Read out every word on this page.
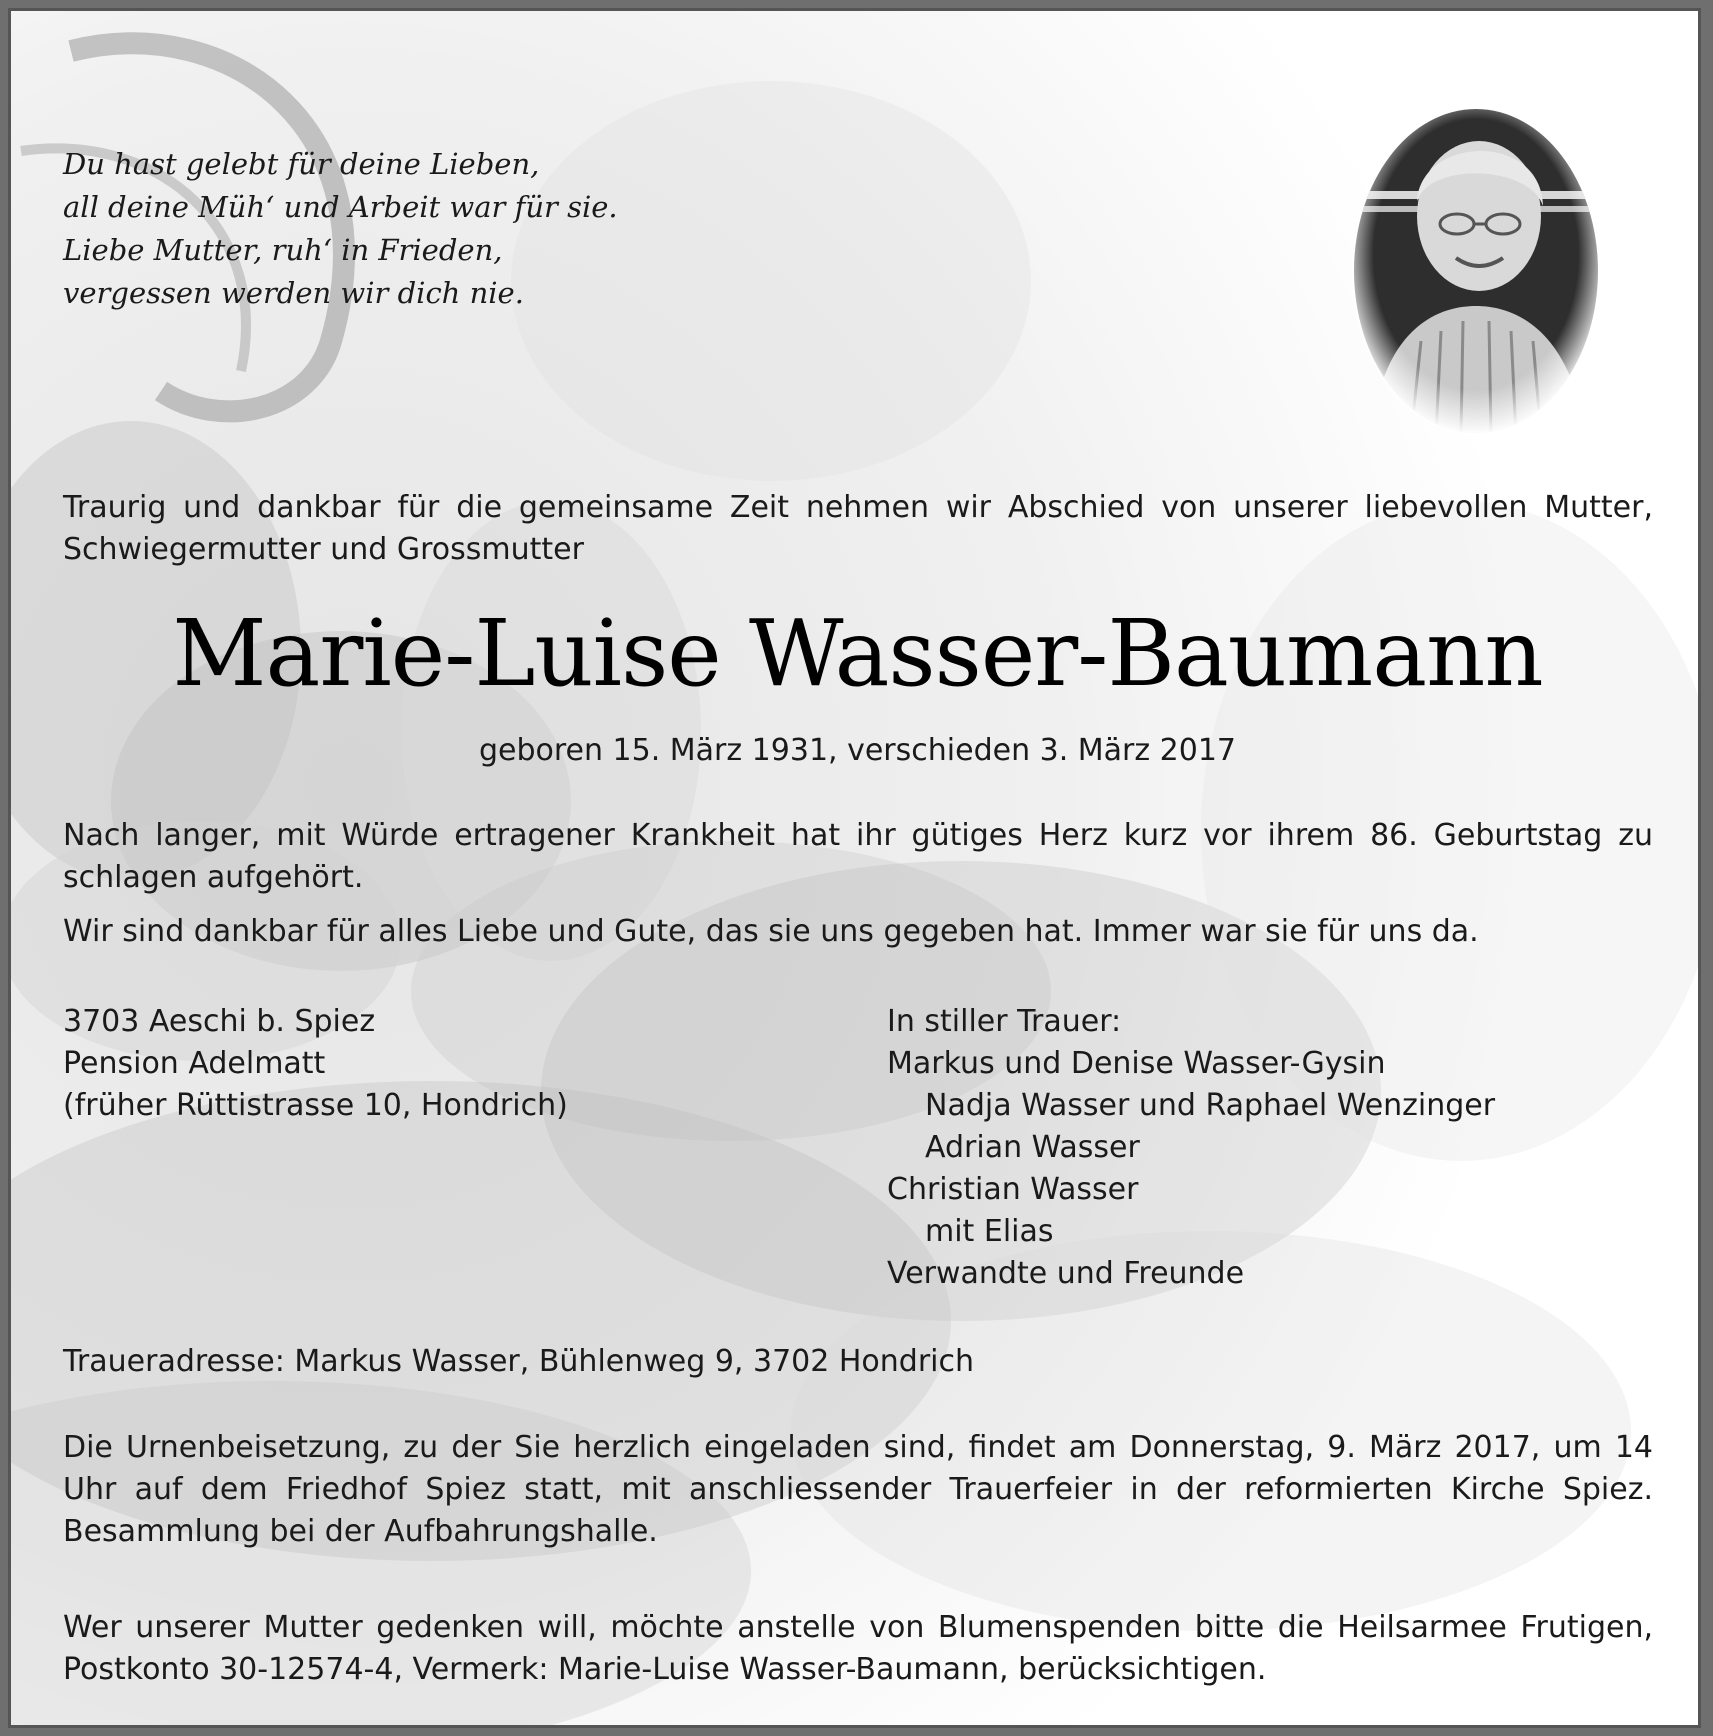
Du hast gelebt für deine Lieben,
all deine Müh‘ und Arbeit war für sie.
Liebe Mutter, ruh‘ in Frieden,
vergessen werden wir dich nie.
Traurig und dankbar für die gemeinsame Zeit nehmen wir Abschied von unserer liebevollen Mutter, Schwiegermutter und Grossmutter
Marie-Luise Wasser-Baumann
geboren 15. März 1931, verschieden 3. März 2017

Nach langer, mit Würde ertragener Krankheit hat ihr gütiges Herz kurz vor ihrem 86. Geburtstag zu schlagen aufgehört.

Wir sind dankbar für alles Liebe und Gute, das sie uns gegeben hat. Immer war sie für uns da.

3703 Aeschi b. Spiez
Pension Adelmatt
(früher Rüttistrasse 10, Hondrich)
In stiller Trauer:
Markus und Denise Wasser-Gysin
Nadja Wasser und Raphael Wenzinger
Adrian Wasser
Christian Wasser
mit Elias
Verwandte und Freunde

Traueradresse: Markus Wasser, Bühlenweg 9, 3702 Hondrich

Die Urnenbeisetzung, zu der Sie herzlich eingeladen sind, findet am Donnerstag, 9. März 2017, um 14 Uhr auf dem Friedhof Spiez statt, mit anschliessender Trauerfeier in der reformierten Kirche Spiez. Besammlung bei der Aufbahrungshalle.

Wer unserer Mutter gedenken will, möchte anstelle von Blumenspenden bitte die Heilsarmee Frutigen, Postkonto 30-12574-4, Vermerk: Marie-Luise Wasser-Baumann, berücksichtigen.
